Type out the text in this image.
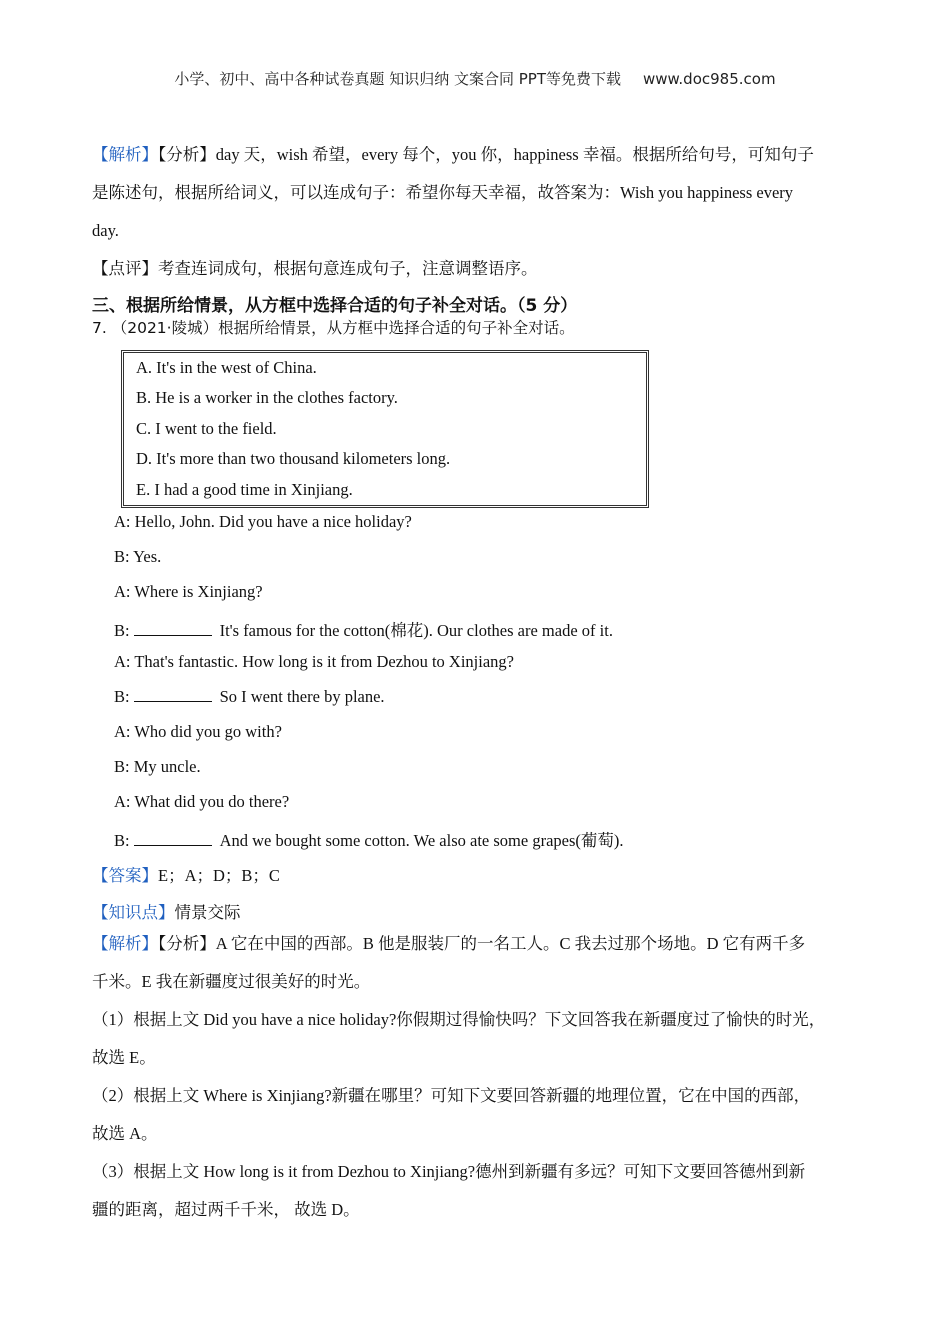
小学、初中、高中各种试卷真题 知识归纳 文案合同 PPT等免费下载 www.doc985.com
【解析】【分析】day 天，wish 希望，every 每个，you 你，happiness 幸福。根据所给句号，可知句子
是陈述句，根据所给词义，可以连成句子：希望你每天幸福，故答案为：Wish you happiness every
day.
【点评】考查连词成句，根据句意连成句子，注意调整语序。
三、根据所给情景，从方框中选择合适的句子补全对话。（5 分）
7. （2021·陵城）根据所给情景，从方框中选择合适的句子补全对话。
A. It's in the west of China.
B. He is a worker in the clothes factory.
C. I went to the field.
D. It's more than two thousand kilometers long.
E. I had a good time in Xinjiang.
A: Hello, John. Did you have a nice holiday?
B: Yes.
A: Where is Xinjiang?
B:	It's famous for the cotton(棉花). Our clothes are made of it.
A: That's fantastic. How long is it from Dezhou to Xinjiang?
B:	So I went there by plane.
A: Who did you go with?
B: My uncle.
A: What did you do there?
B:	And we bought some cotton. We also ate some grapes(葡萄).
【答案】E；A；D；B；C
【知识点】情景交际
【解析】【分析】A 它在中国的西部。B 他是服装厂的一名工人。C 我去过那个场地。D 它有两千多
千米。E 我在新疆度过很美好的时光。
（1）根据上文 Did you have a nice holiday?你假期过得愉快吗？下文回答我在新疆度过了愉快的时光，
故选 E。
（2）根据上文 Where is Xinjiang?新疆在哪里？可知下文要回答新疆的地理位置，它在中国的西部，
故选 A。
（3）根据上文 How long is it from Dezhou to Xinjiang?德州到新疆有多远？可知下文要回答德州到新
疆的距离，超过两千千米， 故选 D。
